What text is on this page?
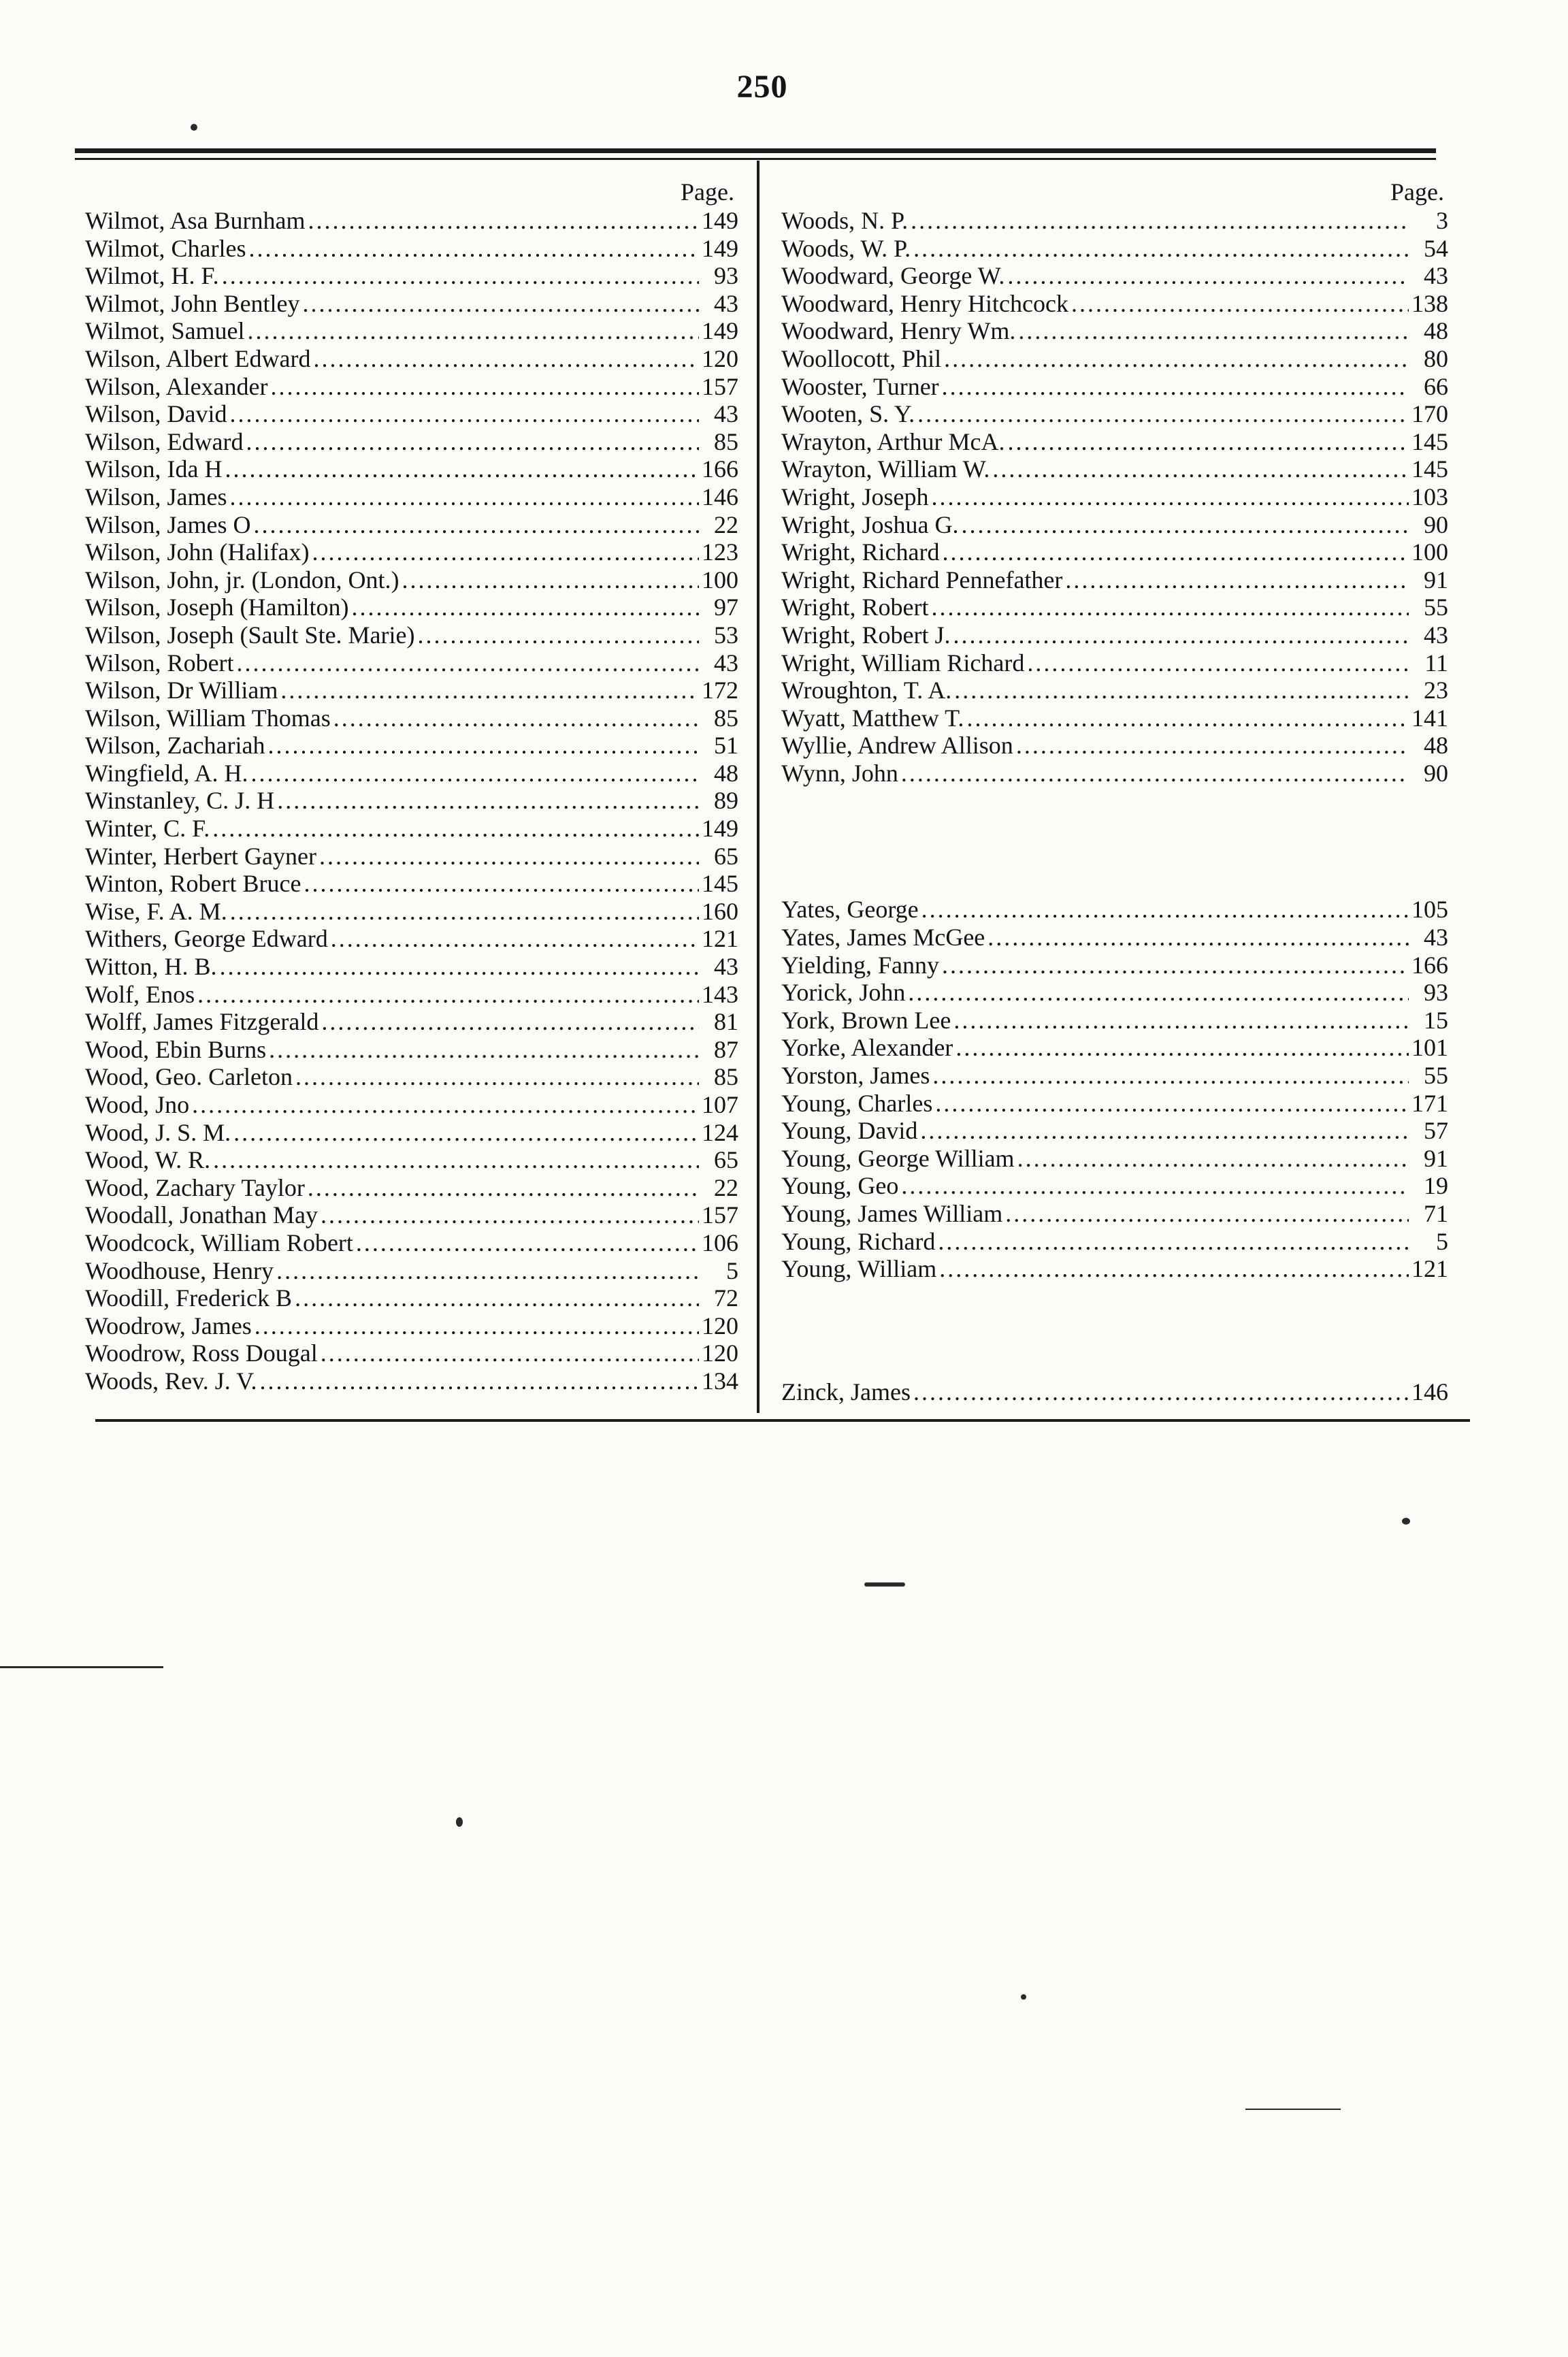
250
Page.
Wilmot, Asa Burnham .....	149
Wilmot, Charles .....	149
Wilmot, H. F. .....	93
Wilmot, John Bentley .....	43
Wilmot, Samuel .....	149
Wilson, Albert Edward .....	120
Wilson, Alexander .....	157
Wilson, David .....	43
Wilson, Edward .....	85
Wilson, Ida H .....	166
Wilson, James .....	146
Wilson, James O .....	22
Wilson, John (Halifax) .....	123
Wilson, John, jr. (London, Ont.) .....	100
Wilson, Joseph (Hamilton) .....	97
Wilson, Joseph (Sault Ste. Marie) .....	53
Wilson, Robert .....	43
Wilson, Dr William .....	172
Wilson, William Thomas .....	85
Wilson, Zachariah .....	51
Wingfield, A. H. .....	48
Winstanley, C. J. H .....	89
Winter, C. F. .....	149
Winter, Herbert Gayner .....	65
Winton, Robert Bruce .....	145
Wise, F. A. M. .....	160
Withers, George Edward .....	121
Witton, H. B. .....	43
Wolf, Enos .....	143
Wolff, James Fitzgerald .....	81
Wood, Ebin Burns .....	87
Wood, Geo. Carleton .....	85
Wood, Jno .....	107
Wood, J. S. M. .....	124
Wood, W. R. .....	65
Wood, Zachary Taylor .....	22
Woodall, Jonathan May .....	157
Woodcock, William Robert .....	106
Woodhouse, Henry .....	5
Woodill, Frederick B .....	72
Woodrow, James .....	120
Woodrow, Ross Dougal .....	120
Woods, Rev. J. V. .....	134
Page.
Woods, N. P. .....	3
Woods, W. P. .....	54
Woodward, George W. .....	43
Woodward, Henry Hitchcock .....	138
Woodward, Henry Wm. .....	48
Woollocott, Phil .....	80
Wooster, Turner .....	66
Wooten, S. Y. .....	170
Wrayton, Arthur McA. .....	145
Wrayton, William W. .....	145
Wright, Joseph .....	103
Wright, Joshua G. .....	90
Wright, Richard .....	100
Wright, Richard Pennefather .....	91
Wright, Robert .....	55
Wright, Robert J. .....	43
Wright, William Richard .....	11
Wroughton, T. A. .....	23
Wyatt, Matthew T. .....	141
Wyllie, Andrew Allison .....	48
Wynn, John .....	90
Yates, George .....	105
Yates, James McGee .....	43
Yielding, Fanny .....	166
Yorick, John .....	93
York, Brown Lee .....	15
Yorke, Alexander .....	101
Yorston, James .....	55
Young, Charles .....	171
Young, David .....	57
Young, George William .....	91
Young, Geo .....	19
Young, James William .....	71
Young, Richard .....	5
Young, William .....	121
Zinck, James .....	146
